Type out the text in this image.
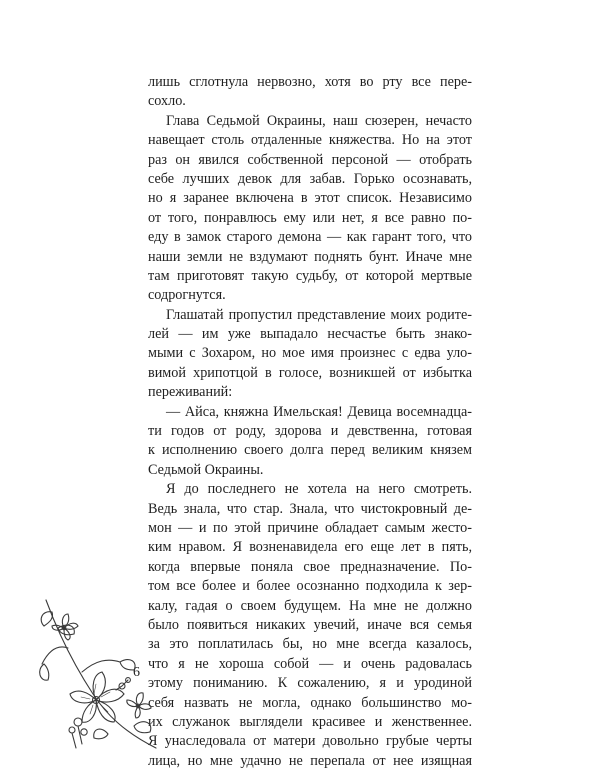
лишь сглотнула нервозно, хотя во рту все пере-
сохло.
Глава Седьмой Окраины, наш сюзерен, нечасто
навещает столь отдаленные княжества. Но на этот
раз он явился собственной персоной — отобрать
себе лучших девок для забав. Горько осознавать,
но я заранее включена в этот список. Независимо
от того, понравлюсь ему или нет, я все равно по-
еду в замок старого демона — как гарант того, что
наши земли не вздумают поднять бунт. Иначе мне
там приготовят такую судьбу, от которой мертвые
содрогнутся.
Глашатай пропустил представление моих родите-
лей — им уже выпадало несчастье быть знако-
мыми с Зохаром, но мое имя произнес с едва уло-
вимой хрипотцой в голосе, возникшей от избытка
переживаний:
— Айса, княжна Имельская! Девица восемнадца-
ти годов от роду, здорова и девственна, готовая
к исполнению своего долга перед великим князем
Седьмой Окраины.
Я до последнего не хотела на него смотреть.
Ведь знала, что стар. Знала, что чистокровный де-
мон — и по этой причине обладает самым жесто-
ким нравом. Я возненавидела его еще лет в пять,
когда впервые поняла свое предназначение. По-
том все более и более осознанно подходила к зер-
калу, гадая о своем будущем. На мне не должно
было появиться никаких увечий, иначе вся семья
за это поплатилась бы, но мне всегда казалось,
что я не хороша собой — и очень радовалась
этому пониманию. К сожалению, я и уродиной
себя назвать не могла, однако большинство мо-
их служанок выглядели красивее и женственнее.
Я унаследовала от матери довольно грубые черты
лица, но мне удачно не перепала от нее изящная
6
